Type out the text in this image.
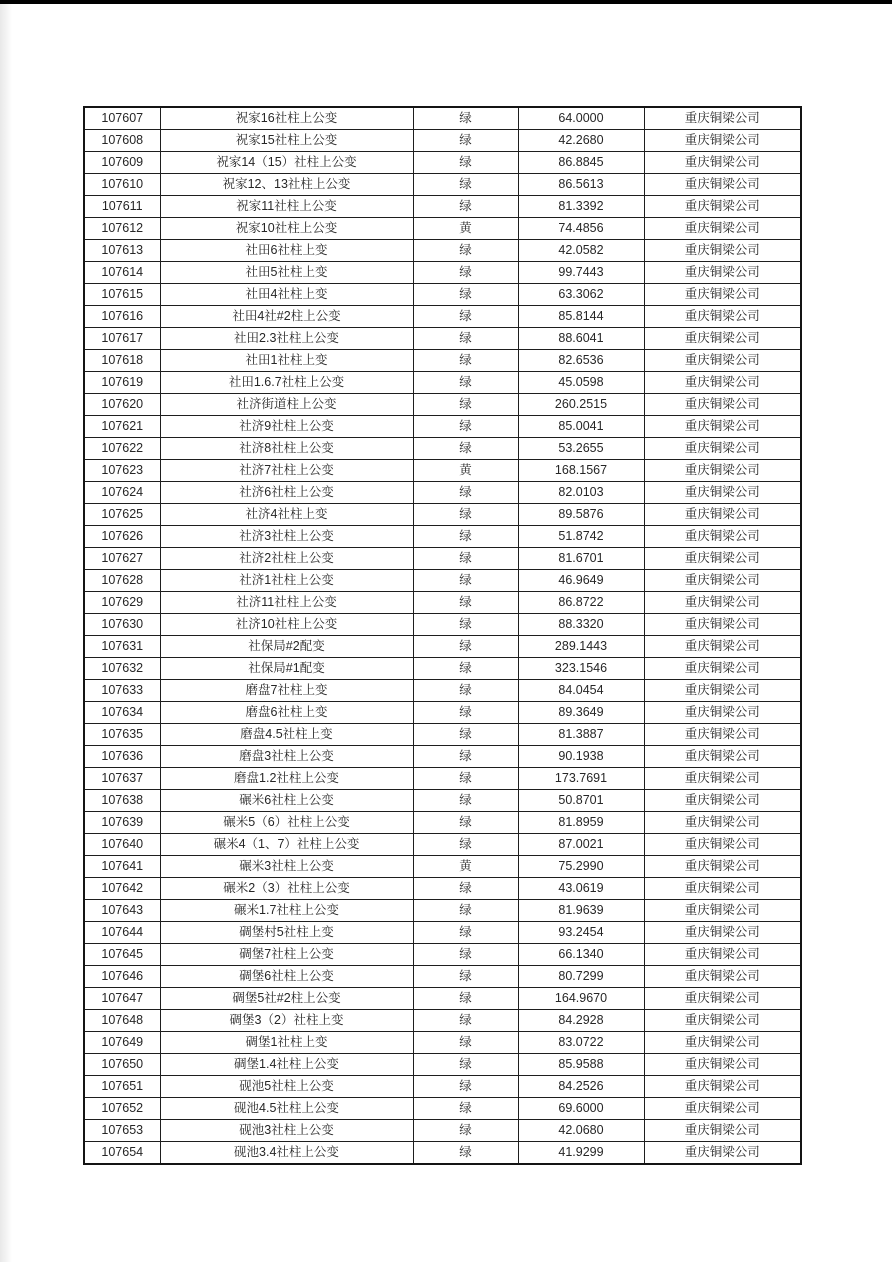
107607	祝家16社柱上公变	绿	64.0000	重庆铜梁公司
107608	祝家15社柱上公变	绿	42.2680	重庆铜梁公司
107609	祝家14（15）社柱上公变	绿	86.8845	重庆铜梁公司
107610	祝家12、13社柱上公变	绿	86.5613	重庆铜梁公司
107611	祝家11社柱上公变	绿	81.3392	重庆铜梁公司
107612	祝家10社柱上公变	黄	74.4856	重庆铜梁公司
107613	社田6社柱上变	绿	42.0582	重庆铜梁公司
107614	社田5社柱上变	绿	99.7443	重庆铜梁公司
107615	社田4社柱上变	绿	63.3062	重庆铜梁公司
107616	社田4社#2柱上公变	绿	85.8144	重庆铜梁公司
107617	社田2.3社柱上公变	绿	88.6041	重庆铜梁公司
107618	社田1社柱上变	绿	82.6536	重庆铜梁公司
107619	社田1.6.7社柱上公变	绿	45.0598	重庆铜梁公司
107620	社济街道柱上公变	绿	260.2515	重庆铜梁公司
107621	社济9社柱上公变	绿	85.0041	重庆铜梁公司
107622	社济8社柱上公变	绿	53.2655	重庆铜梁公司
107623	社济7社柱上公变	黄	168.1567	重庆铜梁公司
107624	社济6社柱上公变	绿	82.0103	重庆铜梁公司
107625	社济4社柱上变	绿	89.5876	重庆铜梁公司
107626	社济3社柱上公变	绿	51.8742	重庆铜梁公司
107627	社济2社柱上公变	绿	81.6701	重庆铜梁公司
107628	社济1社柱上公变	绿	46.9649	重庆铜梁公司
107629	社济11社柱上公变	绿	86.8722	重庆铜梁公司
107630	社济10社柱上公变	绿	88.3320	重庆铜梁公司
107631	社保局#2配变	绿	289.1443	重庆铜梁公司
107632	社保局#1配变	绿	323.1546	重庆铜梁公司
107633	磨盘7社柱上变	绿	84.0454	重庆铜梁公司
107634	磨盘6社柱上变	绿	89.3649	重庆铜梁公司
107635	磨盘4.5社柱上变	绿	81.3887	重庆铜梁公司
107636	磨盘3社柱上公变	绿	90.1938	重庆铜梁公司
107637	磨盘1.2社柱上公变	绿	173.7691	重庆铜梁公司
107638	碾米6社柱上公变	绿	50.8701	重庆铜梁公司
107639	碾米5（6）社柱上公变	绿	81.8959	重庆铜梁公司
107640	碾米4（1、7）社柱上公变	绿	87.0021	重庆铜梁公司
107641	碾米3社柱上公变	黄	75.2990	重庆铜梁公司
107642	碾米2（3）社柱上公变	绿	43.0619	重庆铜梁公司
107643	碾米1.7社柱上公变	绿	81.9639	重庆铜梁公司
107644	碉堡村5社柱上变	绿	93.2454	重庆铜梁公司
107645	碉堡7社柱上公变	绿	66.1340	重庆铜梁公司
107646	碉堡6社柱上公变	绿	80.7299	重庆铜梁公司
107647	碉堡5社#2柱上公变	绿	164.9670	重庆铜梁公司
107648	碉堡3（2）社柱上变	绿	84.2928	重庆铜梁公司
107649	碉堡1社柱上变	绿	83.0722	重庆铜梁公司
107650	碉堡1.4社柱上公变	绿	85.9588	重庆铜梁公司
107651	砚池5社柱上公变	绿	84.2526	重庆铜梁公司
107652	砚池4.5社柱上公变	绿	69.6000	重庆铜梁公司
107653	砚池3社柱上公变	绿	42.0680	重庆铜梁公司
107654	砚池3.4社柱上公变	绿	41.9299	重庆铜梁公司
